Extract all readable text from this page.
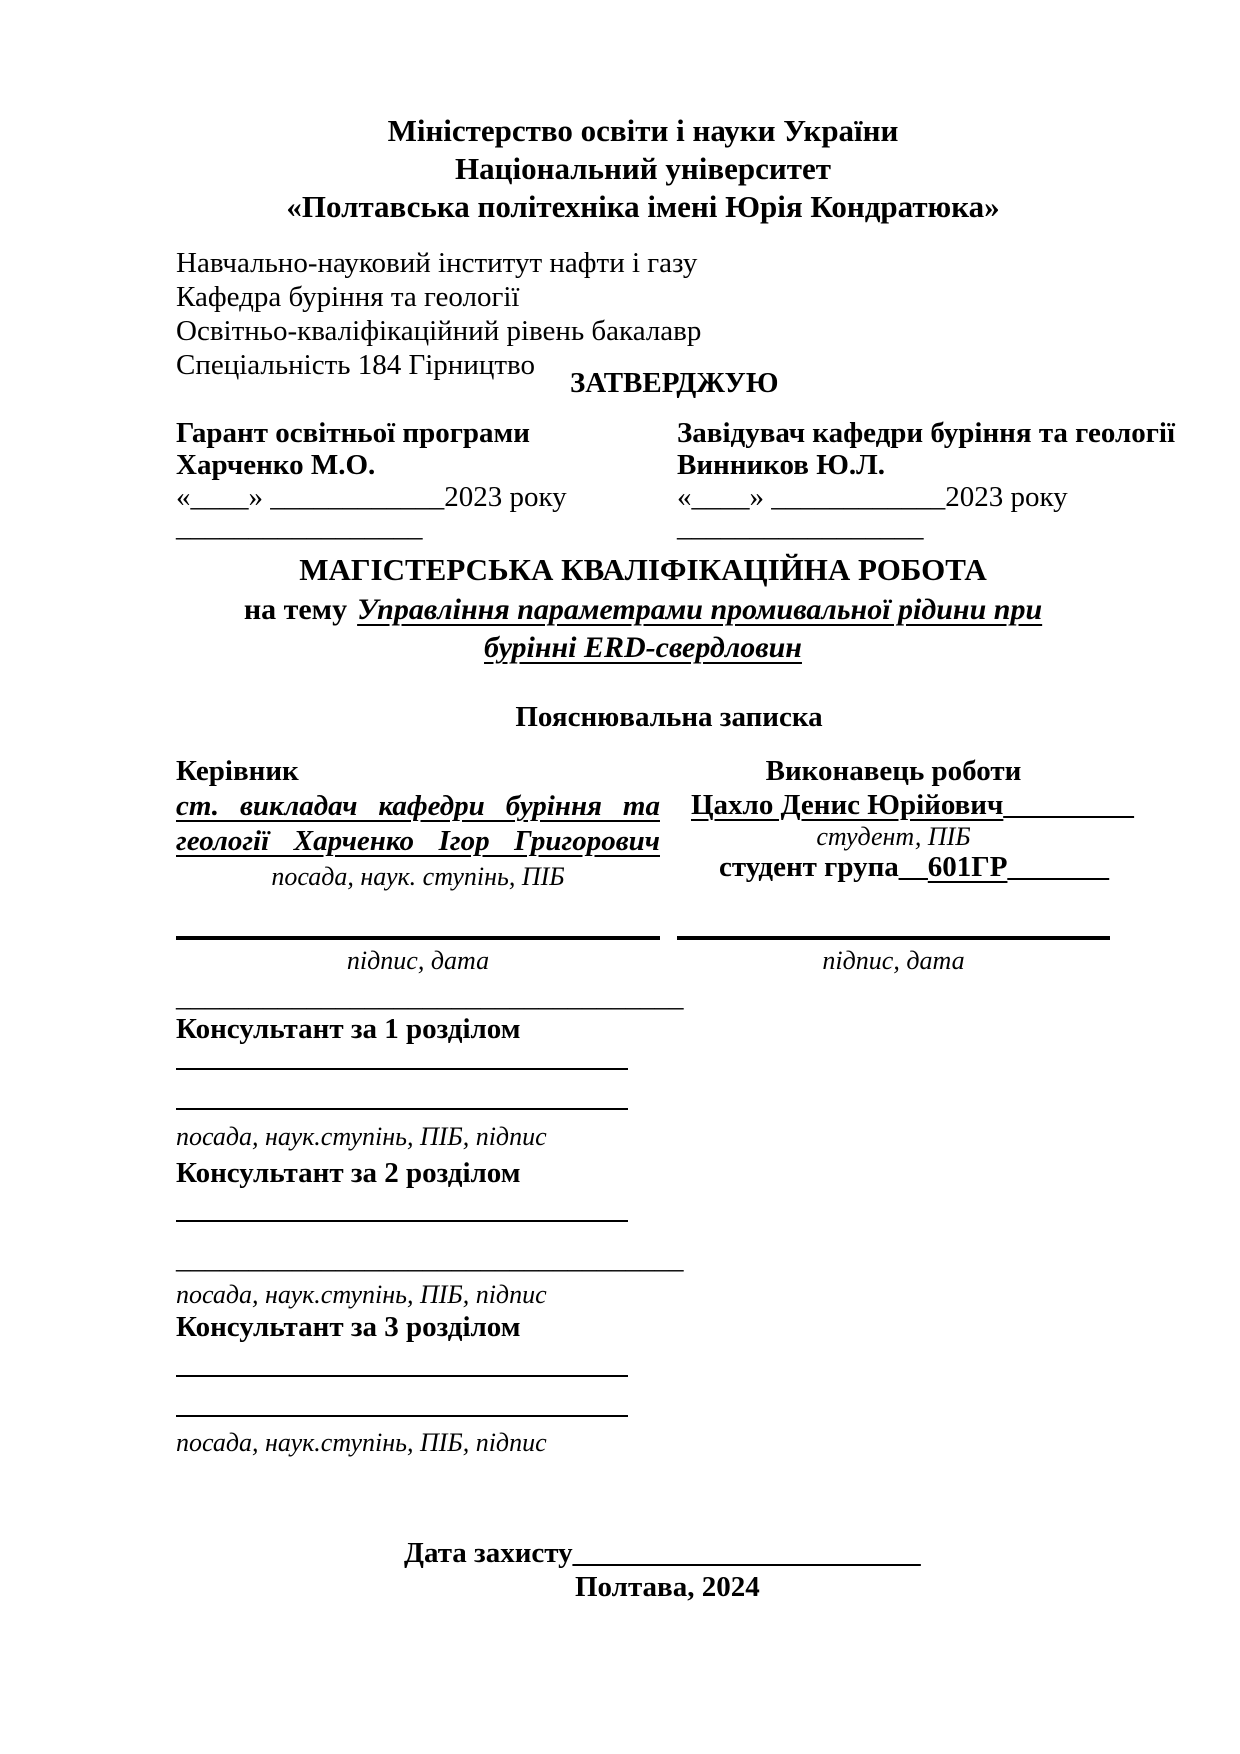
Міністерство освіти і науки України
Національний університет
«Полтавська політехніка імені Юрія Кондратюка»
Навчально-науковий інститут нафти і газу
Кафедра буріння та геології
Освітньо-кваліфікаційний рівень бакалавр
Спеціальність 184 Гірництво
ЗАТВЕРДЖУЮ
Гарант освітньої програми
Харченко М.О.
«____» ____________2023 року
_________________
Завідувач кафедри буріння та геології
Винников Ю.Л.
«____» ____________2023 року
_________________
МАГІСТЕРСЬКА КВАЛІФІКАЦІЙНА РОБОТА
на тему Управління параметрами промивальної рідини при
бурінні ERD-свердловин
Пояснювальна записка
Керівник
ст. викладач кафедри буріння та
геології Харченко Ігор Григорович
посада, наук. ступінь, ПІБ
Виконавець роботи
Цахло Денис Юрійович_________
студент, ПІБ
студент група__601ГР_______
підпис, дата	підпис, дата
___________________________________
Консультант за 1 розділом
посада, наук.ступінь, ПІБ, підпис
Консультант за 2 розділом
___________________________________
посада, наук.ступінь, ПІБ, підпис
Консультант за 3 розділом
посада, наук.ступінь, ПІБ, підпис
Дата захисту________________________
Полтава, 2024
